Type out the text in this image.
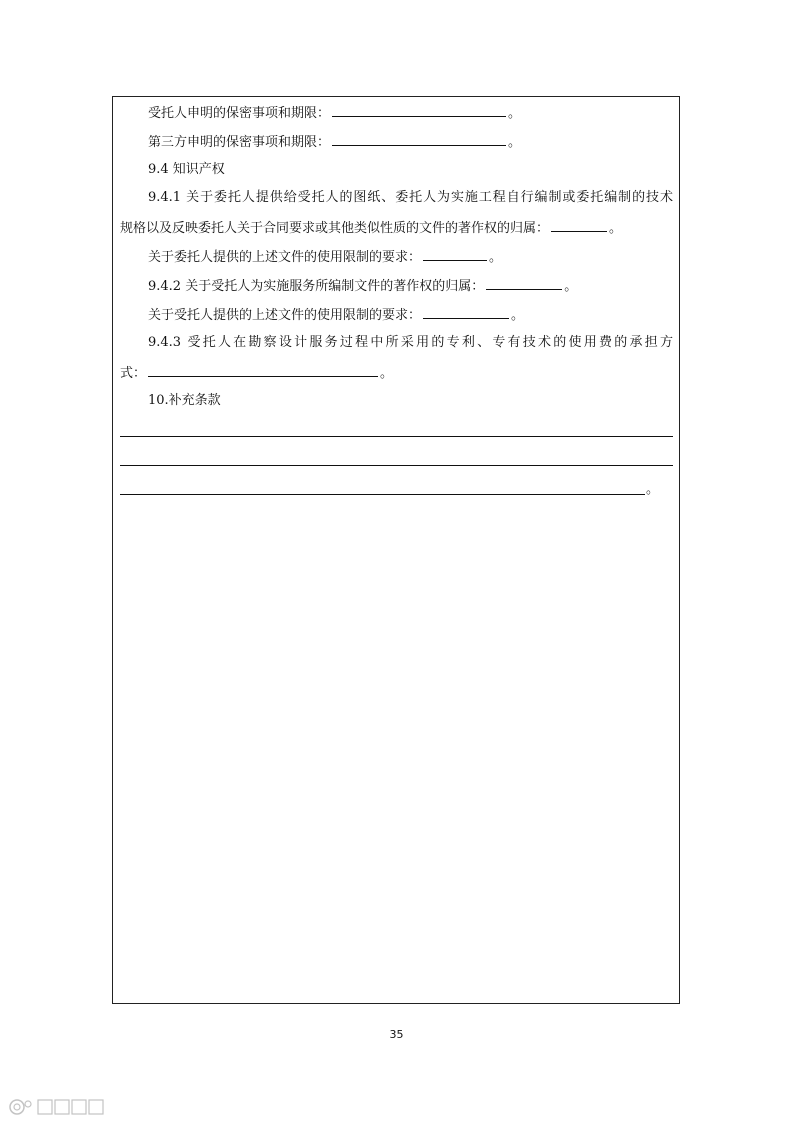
受托人申明的保密事项和期限：	。
第三方申明的保密事项和期限：	。
9.4 知识产权
9.4.1 关于委托人提供给受托人的图纸、委托人为实施工程自行编制或委托编制的技术
规格以及反映委托人关于合同要求或其他类似性质的文件的著作权的归属：	。
关于委托人提供的上述文件的使用限制的要求：	。
9.4.2 关于受托人为实施服务所编制文件的著作权的归属：	。
关于受托人提供的上述文件的使用限制的要求：	。
9.4.3 受托人在勘察设计服务过程中所采用的专利、专有技术的使用费的承担方
式：	。
10.补充条款
。
35
